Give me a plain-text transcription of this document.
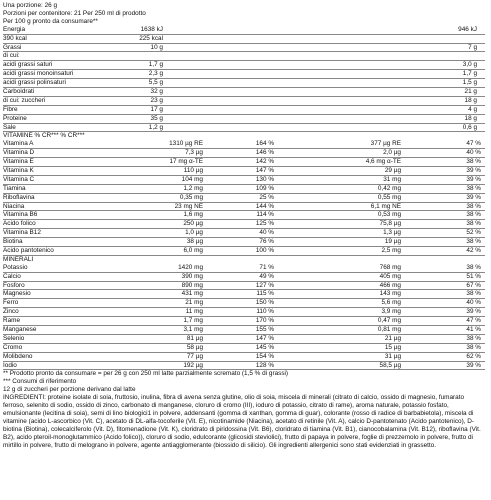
Una porzione: 26 g
Porzioni per contenitore: 21 Per 250 ml di prodotto
Per 100 g pronto da consumare**
Energia	1638 kJ	946 kJ
390 kcal	225 kcal
Grassi	10 g	7 g
di cui:
acidi grassi saturi	1,7 g	3,0 g
acidi grassi monoinsaturi	2,3 g	1,7 g
acidi grassi polinsaturi	5,5 g	1,5 g
Carboidrati	32 g	21 g
di cui: zuccheri	23 g	18 g
Fibre	17 g	4 g
Proteine	35 g	18 g
Sale	1,2 g	0,6 g
VITAMINE % CR*** % CR***
Vitamina A	1310 µg RE	164 %	377 µg RE	47 %
Vitamina D	7,3 µg	146 %	2,0 µg	40 %
Vitamina E	17 mg α-TE	142 %	4,6 mg α-TE	38 %
Vitamina K	110 µg	147 %	29 µg	39 %
Vitamina C	104 mg	130 %	31 mg	39 %
Tiamina	1,2 mg	109 %	0,42 mg	38 %
Riboflavina	0,35 mg	25 %	0,55 mg	39 %
Niacina	23 mg NE	144 %	6,1 mg NE	38 %
Vitamina B6	1,6 mg	114 %	0,53 mg	38 %
Acido folico	250 µg	125 %	75,8 µg	38 %
Vitamina B12	1,0 µg	40 %	1,3 µg	52 %
Biotina	38 µg	76 %	19 µg	38 %
Acido pantotenico	6,0 mg	100 %	2,5 mg	42 %
MINERALI
Potassio	1420 mg	71 %	768 mg	38 %
Calcio	390 mg	49 %	405 mg	51 %
Fosforo	890 mg	127 %	466 mg	67 %
Magnesio	431 mg	115 %	143 mg	38 %
Ferro	21 mg	150 %	5,6 mg	40 %
Zinco	11 mg	110 %	3,9 mg	39 %
Rame	1,7 mg	170 %	0,47 mg	47 %
Manganese	3,1 mg	155 %	0,81 mg	41 %
Selenio	81 µg	147 %	21 µg	38 %
Cromo	58 µg	145 %	15 µg	38 %
Molibdeno	77 µg	154 %	31 µg	62 %
Iodio	192 µg	128 %	58,5 µg	39 %
** Prodotto pronto da consumare = per 26 g con 250 ml latte parzialmente scremato (1,5 % di grassi)
*** Consumi di riferimento
12 g di zuccheri per porzione derivano dal latte
INGREDIENTI: proteine isolate di soia, fruttosio, inulina, fibra di avena senza glutine, olio di soia, miscela di minerali (citrato di calcio, ossido di magnesio, fumarato ferroso, selenito di sodio, ossido di zinco, carbonato di manganese, cloruro di cromo (III), ioduro di potassio, citrato di rame), aroma naturale, potassio fosfato, emulsionante (lecitina di soia), semi di lino biologici1 in polvere, addensanti (gomma di xanthan, gomma di guar), colorante (rosso di radice di barbabietola), miscela di vitamine (acido L-ascorbico (Vit. C), acetato di DL-alfa-tocoferile (Vit. E), nicotinamide (Niacina), acetato di retinile (Vit. A), calcio D-pantotenato (Acido pantotenico), D-biotina (Biotina), colecalciferolo (Vit. D), fitomenadione (Vit. K), cloridrato di piridossina (Vit. B6), cloridrato di tiamina (Vit. B1), cianocobalamina (Vit. B12), riboflavina (Vit. B2), acido pteroil-monoglutammico (Acido folico)), cloruro di sodio, edulcorante (glicosidi steviolici), frutto di papaya in polvere, foglie di prezzemolo in polvere, frutto di mirtillo in polvere, frutto di melograno in polvere, agente antiagglomerante (biossido di silicio). Gli ingredienti allergenici sono stati evidenziati in grassetto.
